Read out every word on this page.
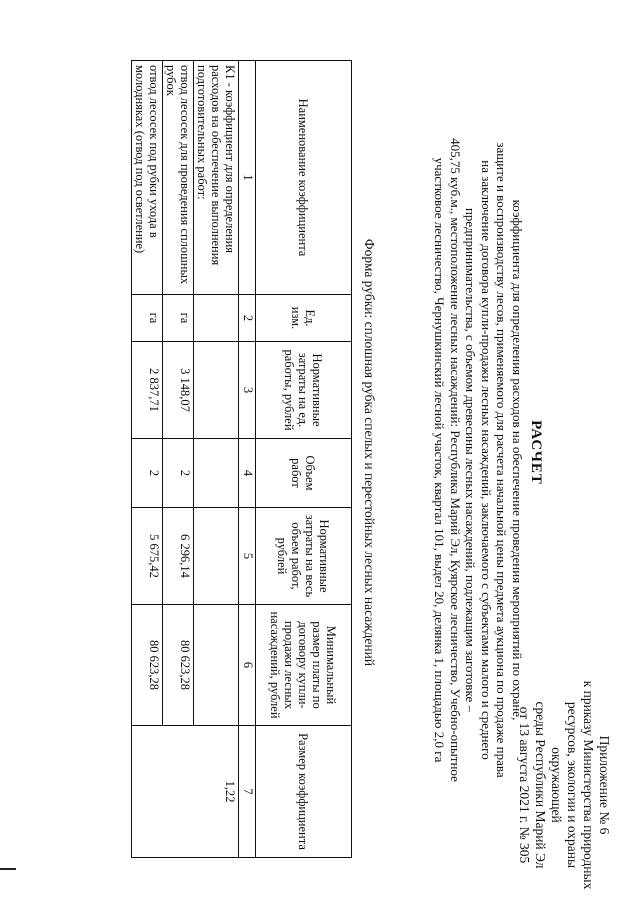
Приложение № 6
к приказу Министерства природных
ресурсов, экологии и охраны окружающей
среды Республики Марий Эл
от 13 августа 2021 г. № 305
РАСЧЕТ
коэффициента для определения расходов на обеспечение проведения мероприятий по охране,
защите и воспроизводству лесов, применяемого для расчета начальной цены предмета аукциона по продаже права
на заключение договора купли-продажи лесных насаждений, заключаемого с субъектами малого и среднего
предпринимательства, с объемом древесины лесных насаждений, подлежащим заготовке –
405,75 куб.м., местоположение лесных насаждений: Республика Марий Эл, Куярское лесничество, Учебно-опытное
участковое лесничество, Чернушкинский лесной участок, квартал 101, выдел 20, делянка 1, площадью 2,0 га
Форма рубки: сплошная рубка спелых и перестойных лесных насаждений
Наименование коэффициента	Ед. изм.	Нормативные затраты на ед. работы, рублей	Объем работ	Нормативные затраты на весь объем работ, рублей	Минимальный размер платы по договору купли-продажи лесных насаждений, рублей	Размер коэффициента
1	2	3	4	5	6	7
К1 - коэффициент для определения расходов на обеспечение выполнения подготовительных работ:						1,22
отвод лесосек для проведения сплошных рубок	га	3 148,07	2	6 296,14	80 623,28	
отвод лесосек под рубки ухода в молодняках (отвод под осветление)	га	2 837,71	2	5 675,42	80 623,28	
